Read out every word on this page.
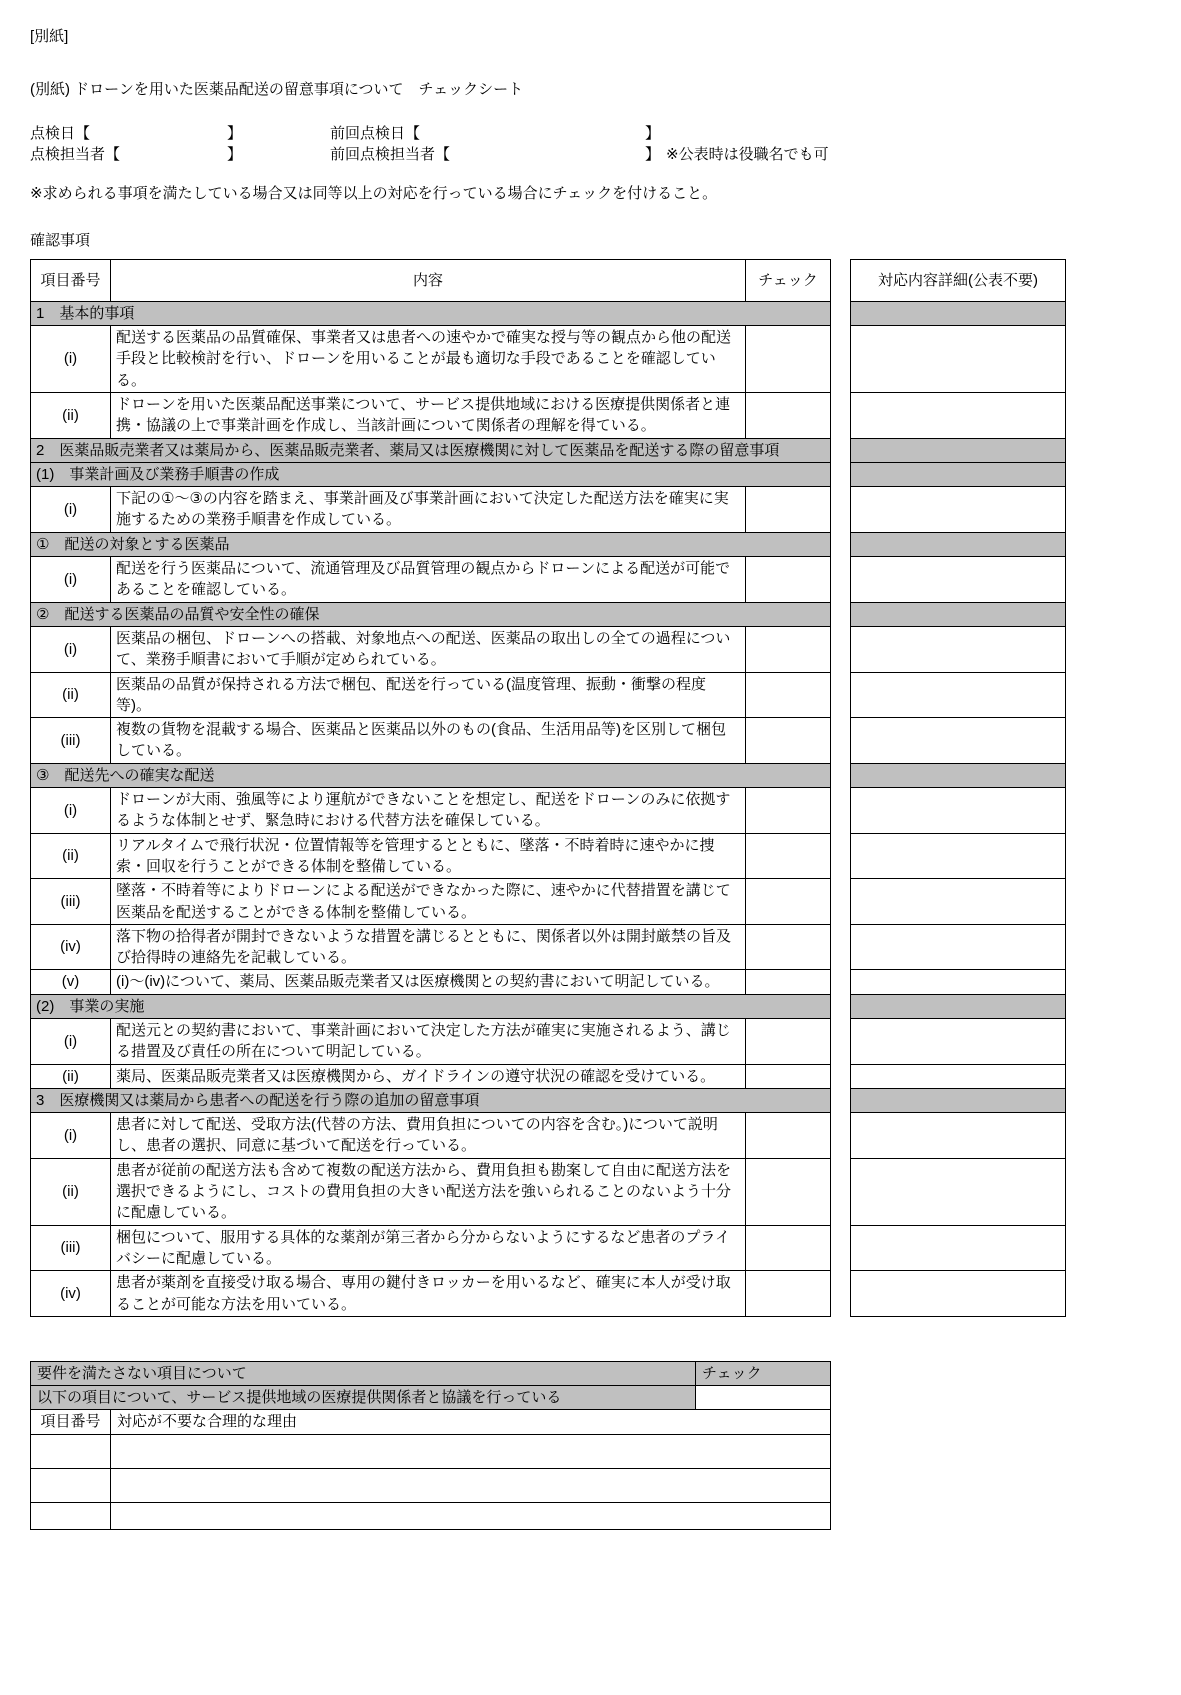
[別紙]
(別紙) ドローンを用いた医薬品配送の留意事項について　チェックシート
点検日【	】	前回点検日【	】
点検担当者【	】	前回点検担当者【	】 ※公表時は役職名でも可
※求められる事項を満たしている場合又は同等以上の対応を行っている場合にチェックを付けること。
確認事項
項目番号	内容	チェック		対応内容詳細(公表不要)
1　基本的事項				
(i)	配送する医薬品の品質確保、事業者又は患者への速やかで確実な授与等の観点から他の配送手段と比較検討を行い、ドローンを用いることが最も適切な手段であることを確認している。			
(ii)	ドローンを用いた医薬品配送事業について、サービス提供地域における医療提供関係者と連携・協議の上で事業計画を作成し、当該計画について関係者の理解を得ている。			
2　医薬品販売業者又は薬局から、医薬品販売業者、薬局又は医療機関に対して医薬品を配送する際の留意事項				
(1)　事業計画及び業務手順書の作成				
(i)	下記の①～③の内容を踏まえ、事業計画及び事業計画において決定した配送方法を確実に実施するための業務手順書を作成している。			
①　配送の対象とする医薬品				
(i)	配送を行う医薬品について、流通管理及び品質管理の観点からドローンによる配送が可能であることを確認している。			
②　配送する医薬品の品質や安全性の確保				
(i)	医薬品の梱包、ドローンへの搭載、対象地点への配送、医薬品の取出しの全ての過程について、業務手順書において手順が定められている。			
(ii)	医薬品の品質が保持される方法で梱包、配送を行っている(温度管理、振動・衝撃の程度等)。			
(iii)	複数の貨物を混載する場合、医薬品と医薬品以外のもの(食品、生活用品等)を区別して梱包している。			
③　配送先への確実な配送				
(i)	ドローンが大雨、強風等により運航ができないことを想定し、配送をドローンのみに依拠するような体制とせず、緊急時における代替方法を確保している。			
(ii)	リアルタイムで飛行状況・位置情報等を管理するとともに、墜落・不時着時に速やかに捜索・回収を行うことができる体制を整備している。			
(iii)	墜落・不時着等によりドローンによる配送ができなかった際に、速やかに代替措置を講じて医薬品を配送することができる体制を整備している。			
(iv)	落下物の拾得者が開封できないような措置を講じるとともに、関係者以外は開封厳禁の旨及び拾得時の連絡先を記載している。			
(v)	(i)～(iv)について、薬局、医薬品販売業者又は医療機関との契約書において明記している。			
(2)　事業の実施				
(i)	配送元との契約書において、事業計画において決定した方法が確実に実施されるよう、講じる措置及び責任の所在について明記している。			
(ii)	薬局、医薬品販売業者又は医療機関から、ガイドラインの遵守状況の確認を受けている。			
3　医療機関又は薬局から患者への配送を行う際の追加の留意事項				
(i)	患者に対して配送、受取方法(代替の方法、費用負担についての内容を含む。)について説明し、患者の選択、同意に基づいて配送を行っている。			
(ii)	患者が従前の配送方法も含めて複数の配送方法から、費用負担も勘案して自由に配送方法を選択できるようにし、コストの費用負担の大きい配送方法を強いられることのないよう十分に配慮している。			
(iii)	梱包について、服用する具体的な薬剤が第三者から分からないようにするなど患者のプライバシーに配慮している。			
(iv)	患者が薬剤を直接受け取る場合、専用の鍵付きロッカーを用いるなど、確実に本人が受け取ることが可能な方法を用いている。			
要件を満たさない項目について		チェック
以下の項目について、サービス提供地域の医療提供関係者と協議を行っている		
項目番号	対応が不要な合理的な理由	
